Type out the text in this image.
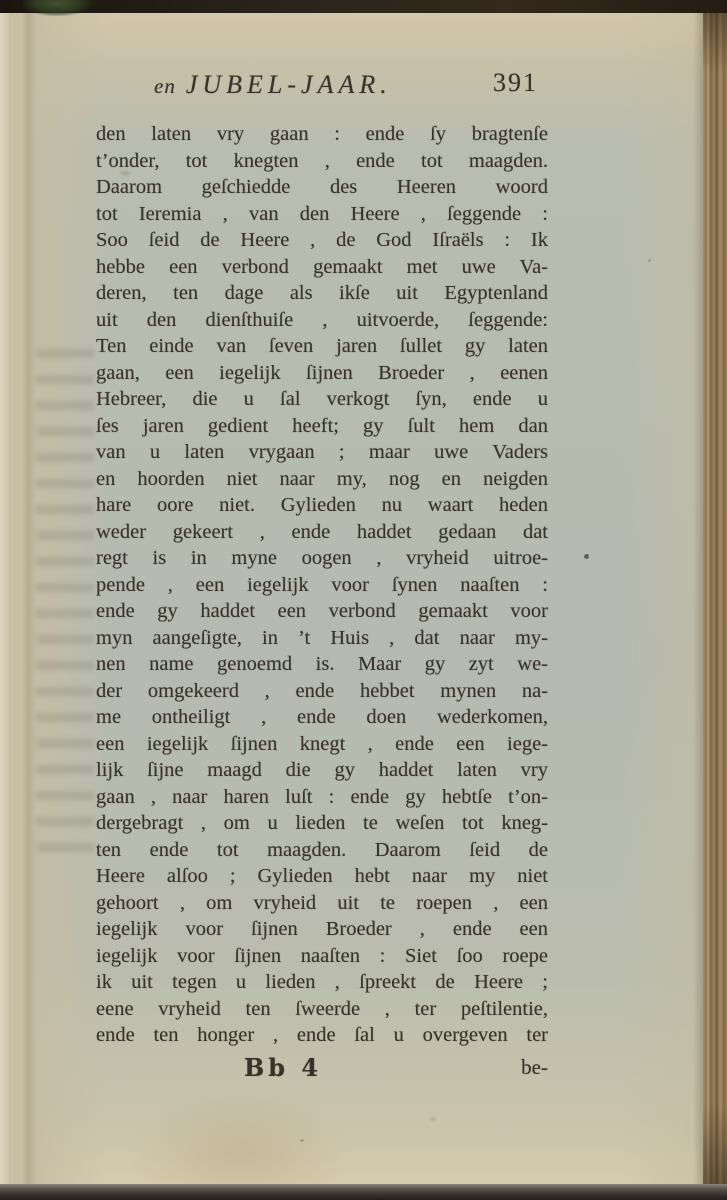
en JUBEL-JAAR.	391
den laten vry gaan : ende ſy bragtenſe
t’onder, tot knegten , ende tot maagden.
Daarom geſchiedde des Heeren woord
tot Ieremia , van den Heere , ſeggende :
Soo ſeid de Heere , de God Iſraëls : Ik
hebbe een verbond gemaakt met uwe Va-
deren, ten dage als ikſe uit Egyptenland
uit den dienſthuiſe , uitvoerde, ſeggende:
Ten einde van ſeven jaren ſullet gy laten
gaan, een iegelijk ſijnen Broeder , eenen
Hebreer, die u ſal verkogt ſyn, ende u
ſes jaren gedient heeft; gy ſult hem dan
van u laten vrygaan ; maar uwe Vaders
en hoorden niet naar my, nog en neigden
hare oore niet. Gylieden nu waart heden
weder gekeert , ende haddet gedaan dat
regt is in myne oogen , vryheid uitroe-
pende , een iegelijk voor ſynen naaſten :
ende gy haddet een verbond gemaakt voor
myn aangeſigte, in ’t Huis , dat naar my-
nen name genoemd is. Maar gy zyt we-
der omgekeerd , ende hebbet mynen na-
me ontheiligt , ende doen wederkomen,
een iegelijk ſijnen knegt , ende een iege-
lijk ſijne maagd die gy haddet laten vry
gaan , naar haren luſt : ende gy hebtſe t’on-
dergebragt , om u lieden te weſen tot kneg-
ten ende tot maagden. Daarom ſeid de
Heere alſoo ; Gylieden hebt naar my niet
gehoort , om vryheid uit te roepen , een
iegelijk voor ſijnen Broeder , ende een
iegelijk voor ſijnen naaſten : Siet ſoo roepe
ik uit tegen u lieden , ſpreekt de Heere ;
eene vryheid ten ſweerde , ter peſtilentie,
ende ten honger , ende ſal u overgeven ter
Bb 4	be-
